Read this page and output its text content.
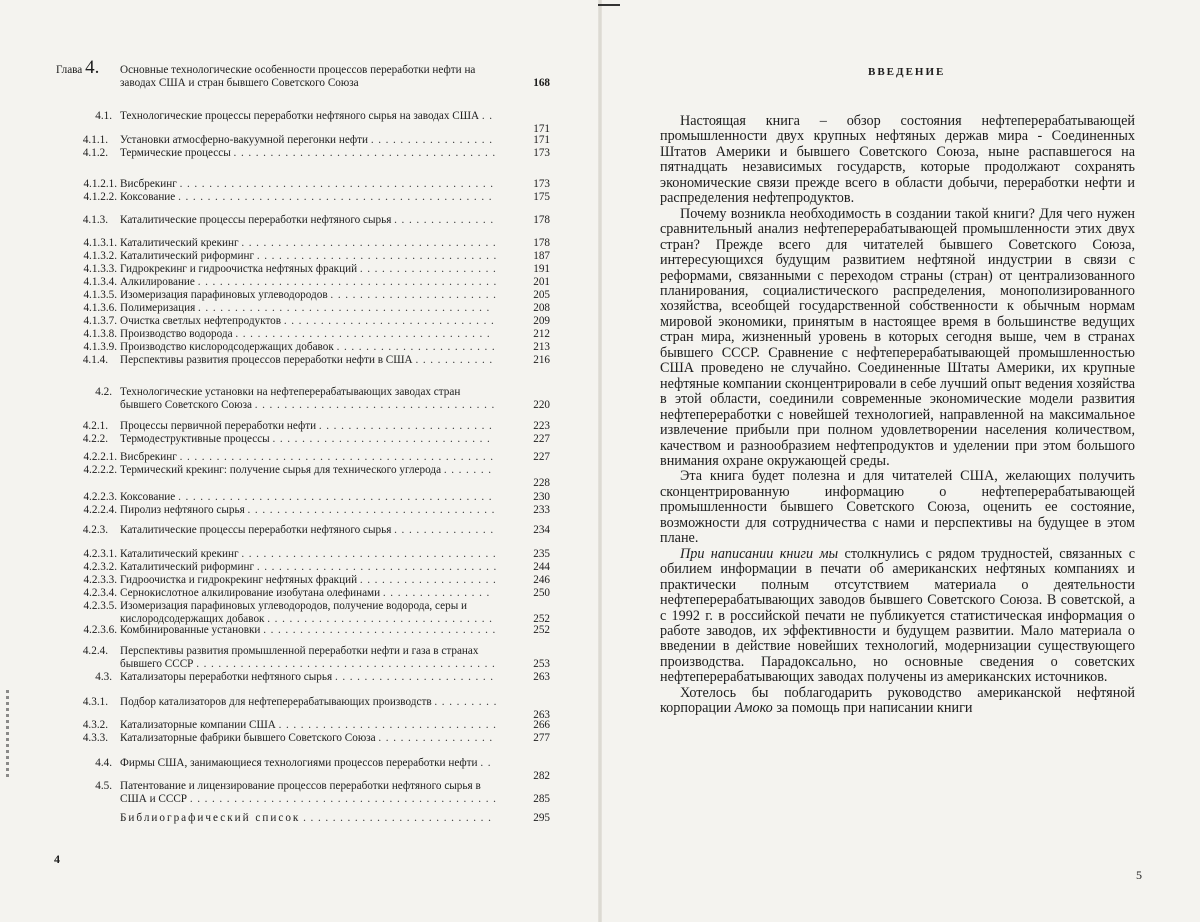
Глава 4. Основные технологические особенности процессов переработки нефти на заводах США и стран бывшего Советского Союза	168
4.1. Технологические процессы переработки нефтяного сырья на заводах США ..
171
4.1.1. Установки атмосферно-вакуумной перегонки нефти .................	171
4.1.2. Термические процессы ....................................	173
4.1.2.1. Висбрекинг ...........................................	173
4.1.2.2. Коксование ...........................................	175
4.1.3. Каталитические процессы переработки нефтяного сырья ..............	178
4.1.3.1. Каталитический крекинг ...................................	178
4.1.3.2. Каталитический риформинг .................................	187
4.1.3.3. Гидрокрекинг и гидроочистка нефтяных фракций ...................	191
4.1.3.4. Алкилирование .........................................	201
4.1.3.5. Изомеризация парафиновых углеводородов .......................	205
4.1.3.6. Полимеризация ........................................	208
4.1.3.7. Очистка светлых нефтепродуктов .............................	209
4.1.3.8. Производство водорода ...................................	212
4.1.3.9. Производство кислородсодержащих добавок ......................	213
4.1.4. Перспективы развития процессов переработки нефти в США ...........	216
4.2. Технологические установки на нефтеперерабатывающих заводах стран бывшего Советского Союза .................................	220
4.2.1. Процессы первичной переработки нефти ........................	223
4.2.2. Термодеструктивные процессы ..............................	227
4.2.2.1. Висбрекинг ...........................................	227
4.2.2.2. Термический крекинг: получение сырья для технического углерода .......
228
4.2.2.3. Коксование ...........................................	230
4.2.2.4. Пиролиз нефтяного сырья ..................................	233
4.2.3. Каталитические процессы переработки нефтяного сырья ..............	234
4.2.3.1. Каталитический крекинг ...................................	235
4.2.3.2. Каталитический риформинг .................................	244
4.2.3.3. Гидроочистка и гидрокрекинг нефтяных фракций ...................	246
4.2.3.4. Сернокислотное алкилирование изобутана олефинами ...............	250
4.2.3.5. Изомеризация парафиновых углеводородов, получение водорода, серы и кислородсодержащих добавок ...............................	252
4.2.3.6. Комбинированные установки ................................	252
4.2.4. Перспективы развития промышленной переработки нефти и газа в странах бывшего СССР .........................................	253
4.3. Катализаторы переработки нефтяного сырья ......................	263
4.3.1. Подбор катализаторов для нефтеперерабатывающих производств .........
263
4.3.2. Катализаторные компании США ..............................	266
4.3.3. Катализаторные фабрики бывшего Советского Союза ................	277
4.4. Фирмы США, занимающиеся технологиями процессов переработки нефти ..
282
4.5. Патентование и лицензирование процессов переработки нефтяного сырья в США и СССР ..........................................	285
Библиографический список ..........................	295
4
ВВЕДЕНИЕ

Настоящая книга – обзор состояния нефтеперерабатывающей промышленности двух крупных нефтяных держав мира - Соединенных Штатов Америки и бывшего Советского Союза, ныне распавшегося на пятнадцать независимых государств, которые продолжают сохранять экономические связи прежде всего в области добычи, переработки нефти и распределения нефтепродуктов.

Почему возникла необходимость в создании такой книги? Для чего нужен сравнительный анализ нефтеперерабатывающей промышленности этих двух стран? Прежде всего для читателей бывшего Советского Союза, интересующихся будущим развитием нефтяной индустрии в связи с реформами, связанными с переходом страны (стран) от централизованного планирования, социалистического распределения, монополизированного хозяйства, всеобщей государственной собственности к обычным нормам мировой экономики, принятым в настоящее время в большинстве ведущих стран мира, жизненный уровень в которых сегодня выше, чем в странах бывшего СССР. Сравнение с нефтеперерабатывающей промышленностью США проведено не случайно. Соединенные Штаты Америки, их крупные нефтяные компании сконцентрировали в себе лучший опыт ведения хозяйства в этой области, соединили современные экономические модели развития нефтепереработки с новейшей технологией, направленной на максимальное извлечение прибыли при полном удовлетворении населения количеством, качеством и разнообразием нефтепродуктов и уделении при этом большого внимания охране окружающей среды.

Эта книга будет полезна и для читателей США, желающих получить сконцентрированную информацию о нефтеперерабатывающей промышленности бывшего Советского Союза, оценить ее состояние, возможности для сотрудничества с нами и перспективы на будущее в этом плане.

При написании книги мы столкнулись с рядом трудностей, связанных с обилием информации в печати об американских нефтяных компаниях и практически полным отсутствием материала о деятельности нефтеперерабатывающих заводов бывшего Советского Союза. В советской, а с 1992 г. в российской печати не публикуется статистическая информация о работе заводов, их эффективности и будущем развитии. Мало материала о введении в действие новейших технологий, модернизации существующего производства. Парадоксально, но основные сведения о советских нефтеперерабатывающих заводах получены из американских источников.

Хотелось бы поблагодарить руководство американской нефтяной корпорации Амоко за помощь при написании книги

5
